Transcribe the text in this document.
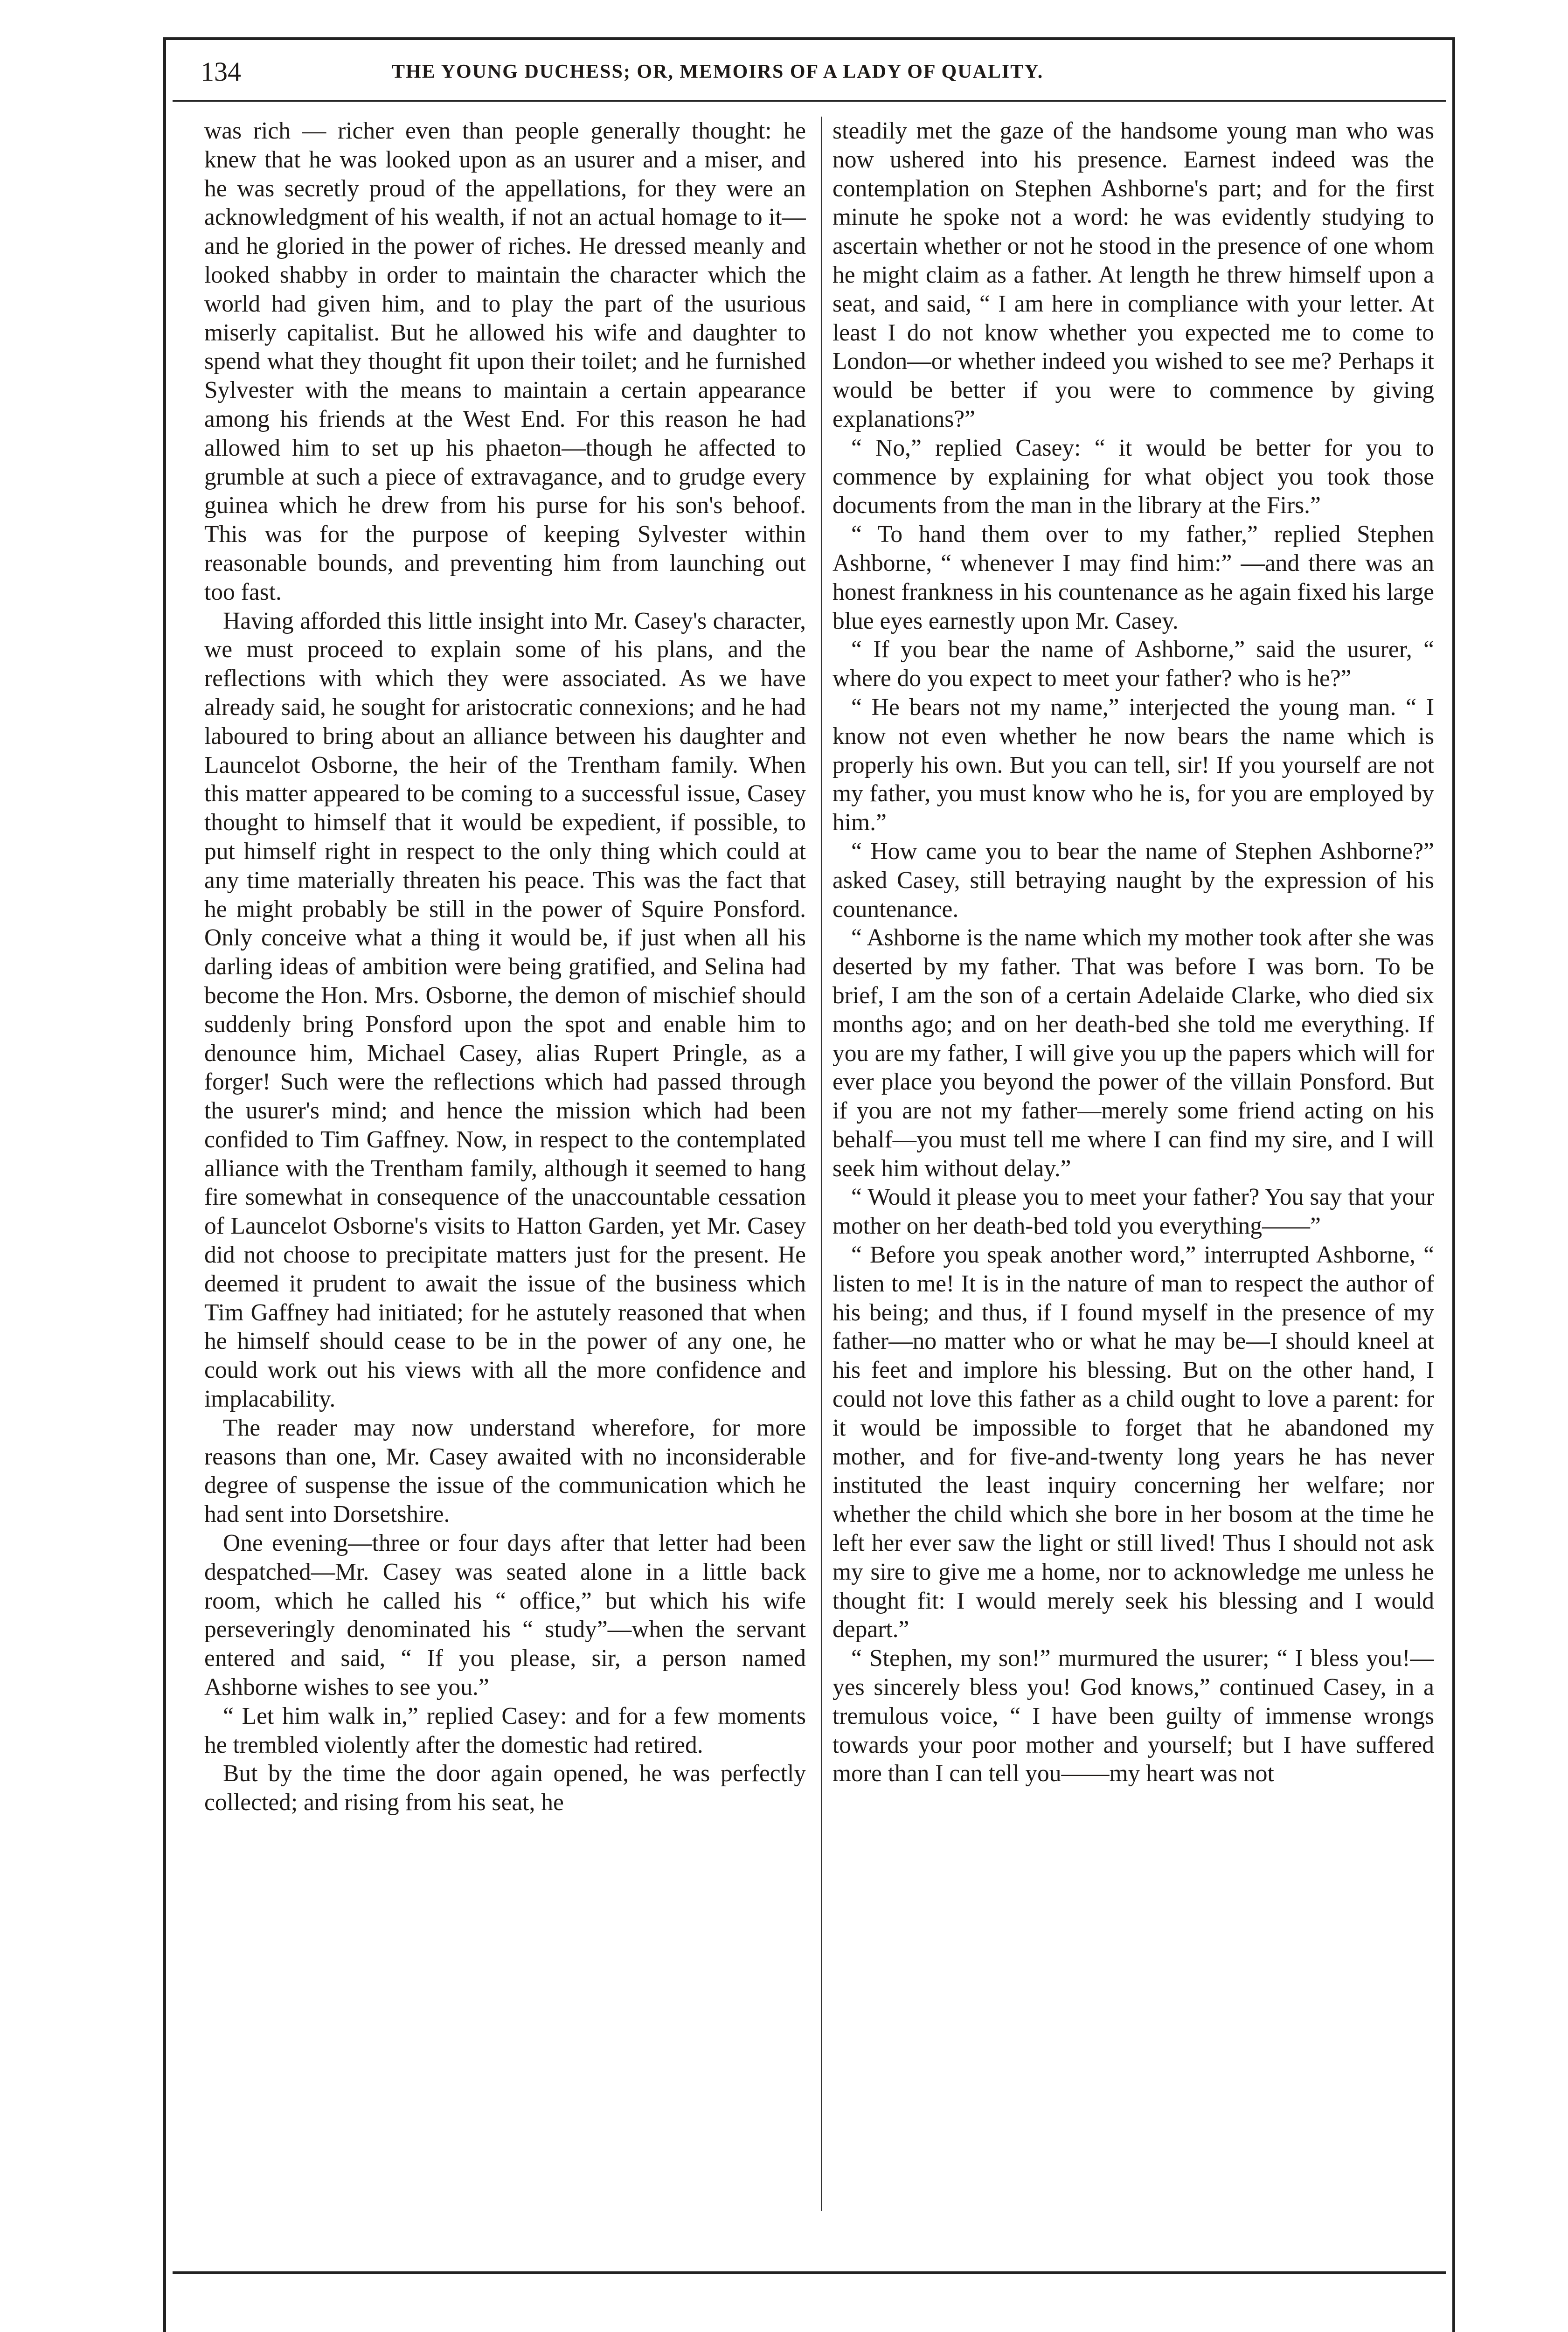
134	THE YOUNG DUCHESS; OR, MEMOIRS OF A LADY OF QUALITY.

was rich — richer even than people generally thought: he knew that he was looked upon as an usurer and a miser, and he was secretly proud of the appellations, for they were an acknowledgment of his wealth, if not an actual homage to it—and he gloried in the power of riches. He dressed meanly and looked shabby in order to maintain the character which the world had given him, and to play the part of the usurious miserly capitalist. But he allowed his wife and daughter to spend what they thought fit upon their toilet; and he furnished Sylvester with the means to maintain a certain appearance among his friends at the West End. For this reason he had allowed him to set up his phaeton—though he affected to grumble at such a piece of extravagance, and to grudge every guinea which he drew from his purse for his son's behoof. This was for the purpose of keeping Sylvester within reasonable bounds, and preventing him from launching out too fast.

Having afforded this little insight into Mr. Casey's character, we must proceed to explain some of his plans, and the reflections with which they were associated. As we have already said, he sought for aristocratic connexions; and he had laboured to bring about an alliance between his daughter and Launcelot Osborne, the heir of the Trentham family. When this matter appeared to be coming to a successful issue, Casey thought to himself that it would be expedient, if possible, to put himself right in respect to the only thing which could at any time materially threaten his peace. This was the fact that he might probably be still in the power of Squire Ponsford. Only conceive what a thing it would be, if just when all his darling ideas of ambition were being gratified, and Selina had become the Hon. Mrs. Osborne, the demon of mischief should suddenly bring Ponsford upon the spot and enable him to denounce him, Michael Casey, alias Rupert Pringle, as a forger! Such were the reflections which had passed through the usurer's mind; and hence the mission which had been confided to Tim Gaffney. Now, in respect to the contemplated alliance with the Trentham family, although it seemed to hang fire somewhat in consequence of the unaccountable cessation of Launcelot Osborne's visits to Hatton Garden, yet Mr. Casey did not choose to precipitate matters just for the present. He deemed it prudent to await the issue of the business which Tim Gaffney had initiated; for he astutely reasoned that when he himself should cease to be in the power of any one, he could work out his views with all the more confidence and implacability.

The reader may now understand wherefore, for more reasons than one, Mr. Casey awaited with no inconsiderable degree of suspense the issue of the communication which he had sent into Dorsetshire.

One evening—three or four days after that letter had been despatched—Mr. Casey was seated alone in a little back room, which he called his “ office,” but which his wife perseveringly denominated his “ study”—when the servant entered and said, “ If you please, sir, a person named Ashborne wishes to see you.”

“ Let him walk in,” replied Casey: and for a few moments he trembled violently after the domestic had retired.

But by the time the door again opened, he was perfectly collected; and rising from his seat, he

steadily met the gaze of the handsome young man who was now ushered into his presence. Earnest indeed was the contemplation on Stephen Ashborne's part; and for the first minute he spoke not a word: he was evidently studying to ascertain whether or not he stood in the presence of one whom he might claim as a father. At length he threw himself upon a seat, and said, “ I am here in compliance with your letter. At least I do not know whether you expected me to come to London—or whether indeed you wished to see me? Perhaps it would be better if you were to commence by giving explanations?”

“ No,” replied Casey: “ it would be better for you to commence by explaining for what object you took those documents from the man in the library at the Firs.”

“ To hand them over to my father,” replied Stephen Ashborne, “ whenever I may find him:” —and there was an honest frankness in his countenance as he again fixed his large blue eyes earnestly upon Mr. Casey.

“ If you bear the name of Ashborne,” said the usurer, “ where do you expect to meet your father? who is he?”

“ He bears not my name,” interjected the young man. “ I know not even whether he now bears the name which is properly his own. But you can tell, sir! If you yourself are not my father, you must know who he is, for you are employed by him.”

“ How came you to bear the name of Stephen Ashborne?” asked Casey, still betraying naught by the expression of his countenance.

“ Ashborne is the name which my mother took after she was deserted by my father. That was before I was born. To be brief, I am the son of a certain Adelaide Clarke, who died six months ago; and on her death-bed she told me everything. If you are my father, I will give you up the papers which will for ever place you beyond the power of the villain Ponsford. But if you are not my father—merely some friend acting on his behalf—you must tell me where I can find my sire, and I will seek him without delay.”

“ Would it please you to meet your father? You say that your mother on her death-bed told you everything——”

“ Before you speak another word,” interrupted Ashborne, “ listen to me! It is in the nature of man to respect the author of his being; and thus, if I found myself in the presence of my father—no matter who or what he may be—I should kneel at his feet and implore his blessing. But on the other hand, I could not love this father as a child ought to love a parent: for it would be impossible to forget that he abandoned my mother, and for five-and-twenty long years he has never instituted the least inquiry concerning her welfare; nor whether the child which she bore in her bosom at the time he left her ever saw the light or still lived! Thus I should not ask my sire to give me a home, nor to acknowledge me unless he thought fit: I would merely seek his blessing and I would depart.”

“ Stephen, my son!” murmured the usurer; “ I bless you!—yes sincerely bless you! God knows,” continued Casey, in a tremulous voice, “ I have been guilty of immense wrongs towards your poor mother and yourself; but I have suffered more than I can tell you——my heart was not
